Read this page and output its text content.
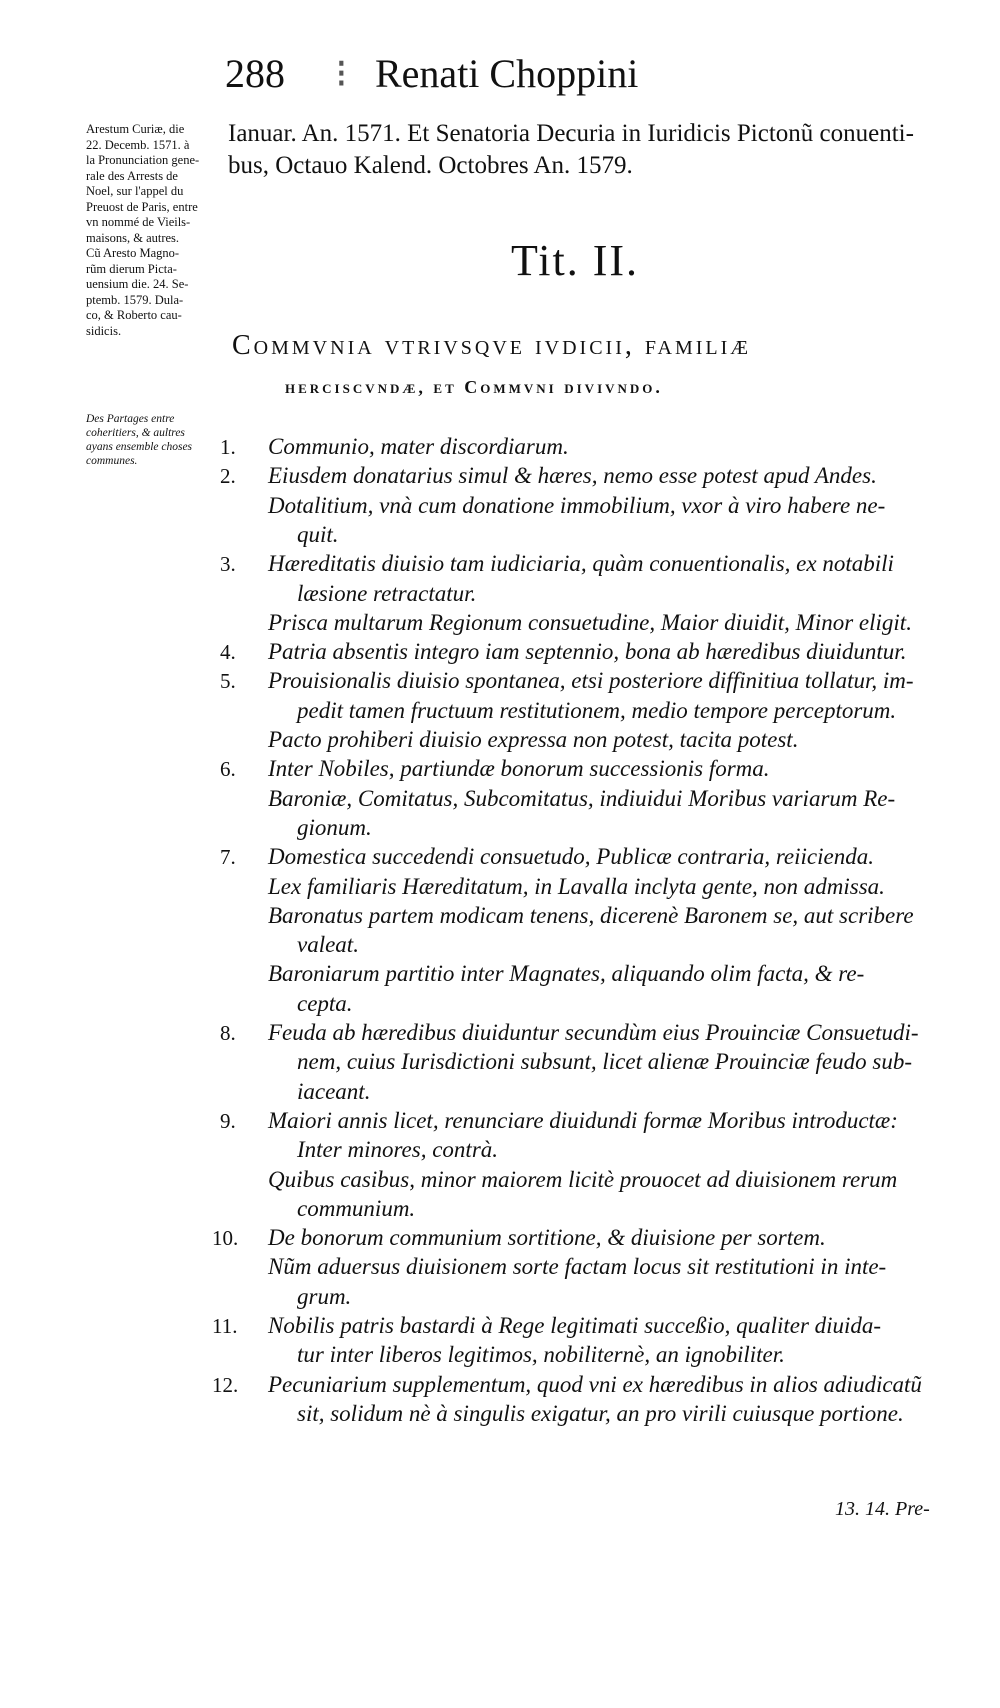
288 ⁝ Renati Choppini
Arestum Curiæ, die
22. Decemb. 1571. à
la Pronunciation gene-
rale des Arrests de
Noel, sur l'appel du
Preuost de Paris, entre
vn nommé de Vieils-
maisons, & autres.
Cũ Aresto Magno-
rũm dierum Picta-
uensium die. 24. Se-
ptemb. 1579. Dula-
co, & Roberto cau-
sidicis.
Des Partages entre
coheritiers, & aultres
ayans ensemble choses
communes.
Ianuar. An. 1571. Et Senatoria Decuria in Iuridicis Pictonũ conuenti-
bus, Octauo Kalend. Octobres An. 1579.
Tit. II.
Commvnia vtrivsqve ivdicii, familiæ
herciscvndæ, et Commvni divivndo.
1. Communio, mater discordiarum.
2. Eiusdem donatarius simul & hæres, nemo esse potest apud Andes.
Dotalitium, vnà cum donatione immobilium, vxor à viro habere ne-
quit.
3. Hæreditatis diuisio tam iudiciaria, quàm conuentionalis, ex notabili
læsione retractatur.
Prisca multarum Regionum consuetudine, Maior diuidit, Minor eligit.
4. Patria absentis integro iam septennio, bona ab hæredibus diuiduntur.
5. Prouisionalis diuisio spontanea, etsi posteriore diffinitiua tollatur, im-
pedit tamen fructuum restitutionem, medio tempore perceptorum.
Pacto prohiberi diuisio expressa non potest, tacita potest.
6. Inter Nobiles, partiundæ bonorum successionis forma.
Baroniæ, Comitatus, Subcomitatus, indiuidui Moribus variarum Re-
gionum.
7. Domestica succedendi consuetudo, Publicæ contraria, reiicienda.
Lex familiaris Hæreditatum, in Lavalla inclyta gente, non admissa.
Baronatus partem modicam tenens, dicerenè Baronem se, aut scribere
valeat.
Baroniarum partitio inter Magnates, aliquando olim facta, & re-
cepta.
8. Feuda ab hæredibus diuiduntur secundùm eius Prouinciæ Consuetudi-
nem, cuius Iurisdictioni subsunt, licet alienæ Prouinciæ feudo sub-
iaceant.
9. Maiori annis licet, renunciare diuidundi formæ Moribus introductæ:
Inter minores, contrà.
Quibus casibus, minor maiorem licitè prouocet ad diuisionem rerum
communium.
10. De bonorum communium sortitione, & diuisione per sortem.
Nũm aduersus diuisionem sorte factam locus sit restitutioni in inte-
grum.
11. Nobilis patris bastardi à Rege legitimati succeßio, qualiter diuida-
tur inter liberos legitimos, nobiliternè, an ignobiliter.
12. Pecuniarium supplementum, quod vni ex hæredibus in alios adiudicatũ
sit, solidum nè à singulis exigatur, an pro virili cuiusque portione.
13. 14. Pre-
